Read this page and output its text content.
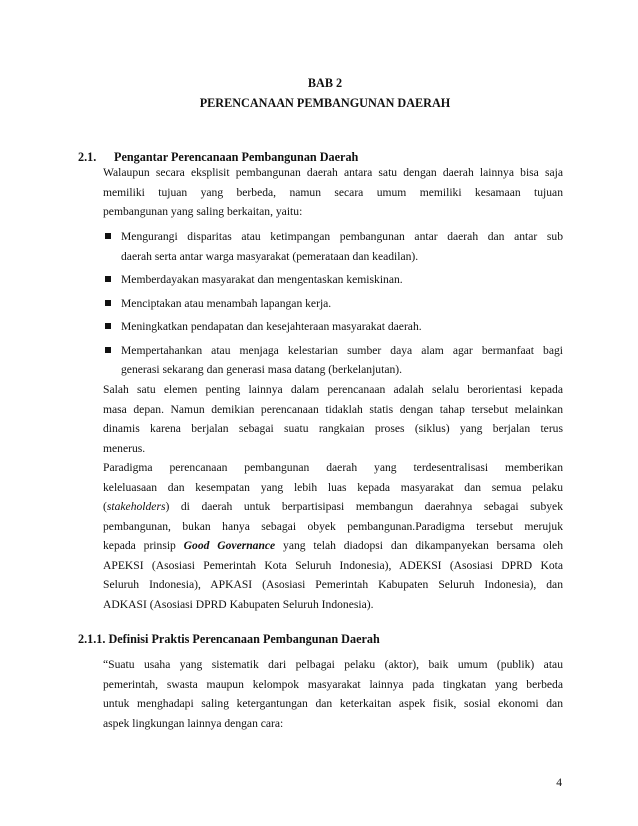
BAB 2
PERENCANAAN PEMBANGUNAN DAERAH
2.1. Pengantar Perencanaan Pembangunan Daerah
Walaupun secara eksplisit pembangunan daerah antara satu dengan daerah lainnya bisa saja
memiliki tujuan yang berbeda, namun secara umum memiliki kesamaan tujuan
pembangunan yang saling berkaitan, yaitu:
Mengurangi disparitas atau ketimpangan pembangunan antar daerah dan antar sub
daerah serta antar warga masyarakat (pemerataan dan keadilan).
Memberdayakan masyarakat dan mengentaskan kemiskinan.
Menciptakan atau menambah lapangan kerja.
Meningkatkan pendapatan dan kesejahteraan masyarakat daerah.
Mempertahankan atau menjaga kelestarian sumber daya alam agar bermanfaat bagi
generasi sekarang dan generasi masa datang (berkelanjutan).
Salah satu elemen penting lainnya dalam perencanaan adalah selalu berorientasi kepada
masa depan. Namun demikian perencanaan tidaklah statis dengan tahap tersebut melainkan
dinamis karena berjalan sebagai suatu rangkaian proses (siklus) yang berjalan terus
menerus.
Paradigma perencanaan pembangunan daerah yang terdesentralisasi memberikan
keleluasaan dan kesempatan yang lebih luas kepada masyarakat dan semua pelaku
(stakeholders) di daerah untuk berpartisipasi membangun daerahnya sebagai subyek
pembangunan, bukan hanya sebagai obyek pembangunan.Paradigma tersebut merujuk
kepada prinsip Good Governance yang telah diadopsi dan dikampanyekan bersama oleh
APEKSI (Asosiasi Pemerintah Kota Seluruh Indonesia), ADEKSI (Asosiasi DPRD Kota
Seluruh Indonesia), APKASI (Asosiasi Pemerintah Kabupaten Seluruh Indonesia), dan
ADKASI (Asosiasi DPRD Kabupaten Seluruh Indonesia).
2.1.1. Definisi Praktis Perencanaan Pembangunan Daerah
“Suatu usaha yang sistematik dari pelbagai pelaku (aktor), baik umum (publik) atau
pemerintah, swasta maupun kelompok masyarakat lainnya pada tingkatan yang berbeda
untuk menghadapi saling ketergantungan dan keterkaitan aspek fisik, sosial ekonomi dan
aspek lingkungan lainnya dengan cara:
4
